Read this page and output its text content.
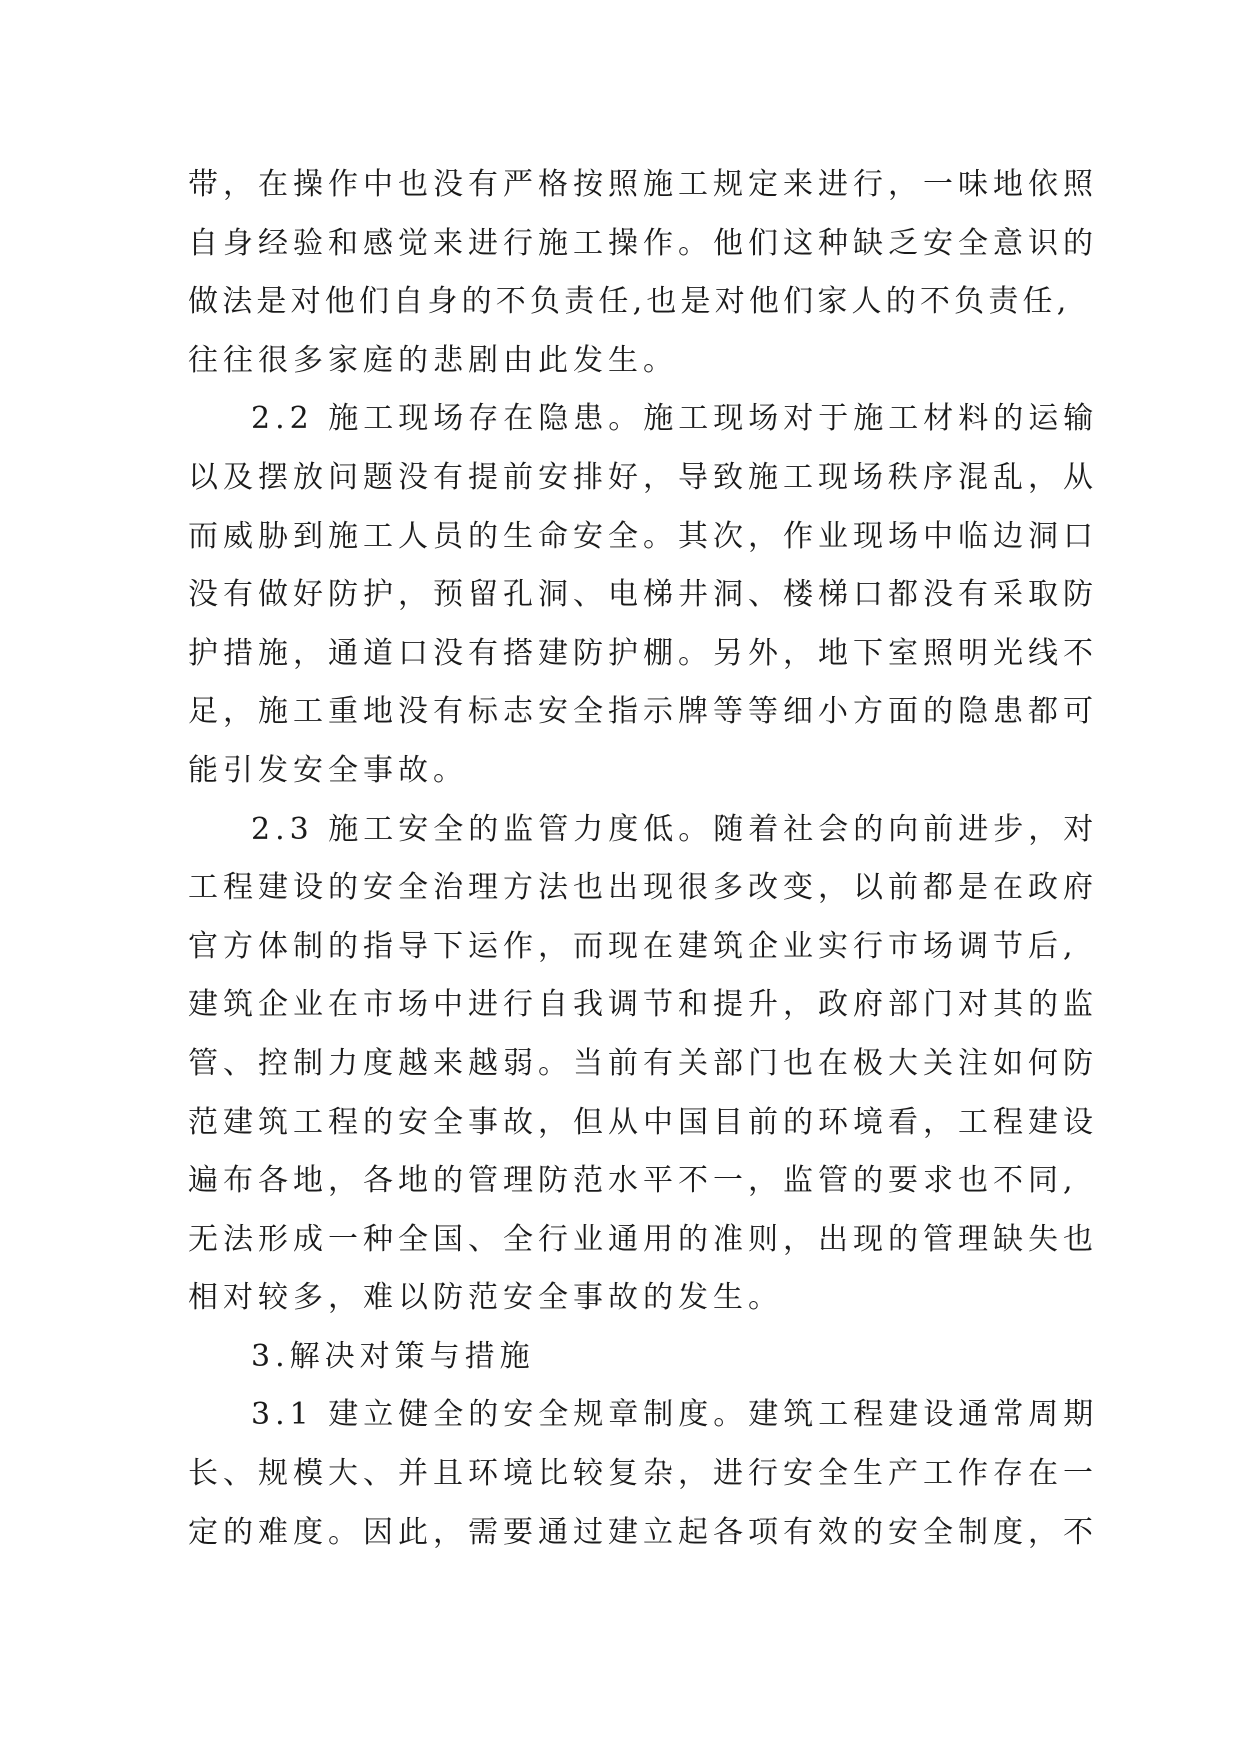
带，在操作中也没有严格按照施工规定来进行，一味地依照
自身经验和感觉来进行施工操作。他们这种缺乏安全意识的
做法是对他们自身的不负责任,也是对他们家人的不负责任,
往往很多家庭的悲剧由此发生。
2.2 施工现场存在隐患。施工现场对于施工材料的运输
以及摆放问题没有提前安排好，导致施工现场秩序混乱，从
而威胁到施工人员的生命安全。其次，作业现场中临边洞口
没有做好防护，预留孔洞、电梯井洞、楼梯口都没有采取防
护措施，通道口没有搭建防护棚。另外，地下室照明光线不
足，施工重地没有标志安全指示牌等等细小方面的隐患都可
能引发安全事故。
2.3 施工安全的监管力度低。随着社会的向前进步，对
工程建设的安全治理方法也出现很多改变，以前都是在政府
官方体制的指导下运作，而现在建筑企业实行市场调节后,
建筑企业在市场中进行自我调节和提升，政府部门对其的监
管、控制力度越来越弱。当前有关部门也在极大关注如何防
范建筑工程的安全事故，但从中国目前的环境看，工程建设
遍布各地，各地的管理防范水平不一，监管的要求也不同,
无法形成一种全国、全行业通用的准则，出现的管理缺失也
相对较多，难以防范安全事故的发生。
3.解决对策与措施
3.1 建立健全的安全规章制度。建筑工程建设通常周期
长、规模大、并且环境比较复杂，进行安全生产工作存在一
定的难度。因此，需要通过建立起各项有效的安全制度，不
